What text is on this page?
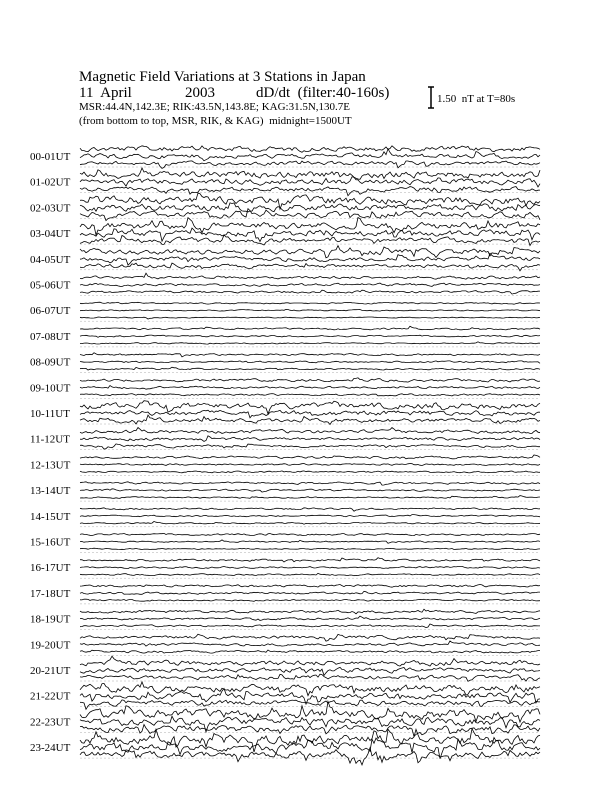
Magnetic Field Variations at 3 Stations in Japan
11 April	2003	dD/dt  (filter:40-160s)
MSR:44.4N,142.3E; RIK:43.5N,143.8E; KAG:31.5N,130.7E
(from bottom to top, MSR, RIK, & KAG) midnight=1500UT
1.50  nT at T=80s
00-01UT
01-02UT
02-03UT
03-04UT
04-05UT
05-06UT
06-07UT
07-08UT
08-09UT
09-10UT
10-11UT
11-12UT
12-13UT
13-14UT
14-15UT
15-16UT
16-17UT
17-18UT
18-19UT
19-20UT
20-21UT
21-22UT
22-23UT
23-24UT
